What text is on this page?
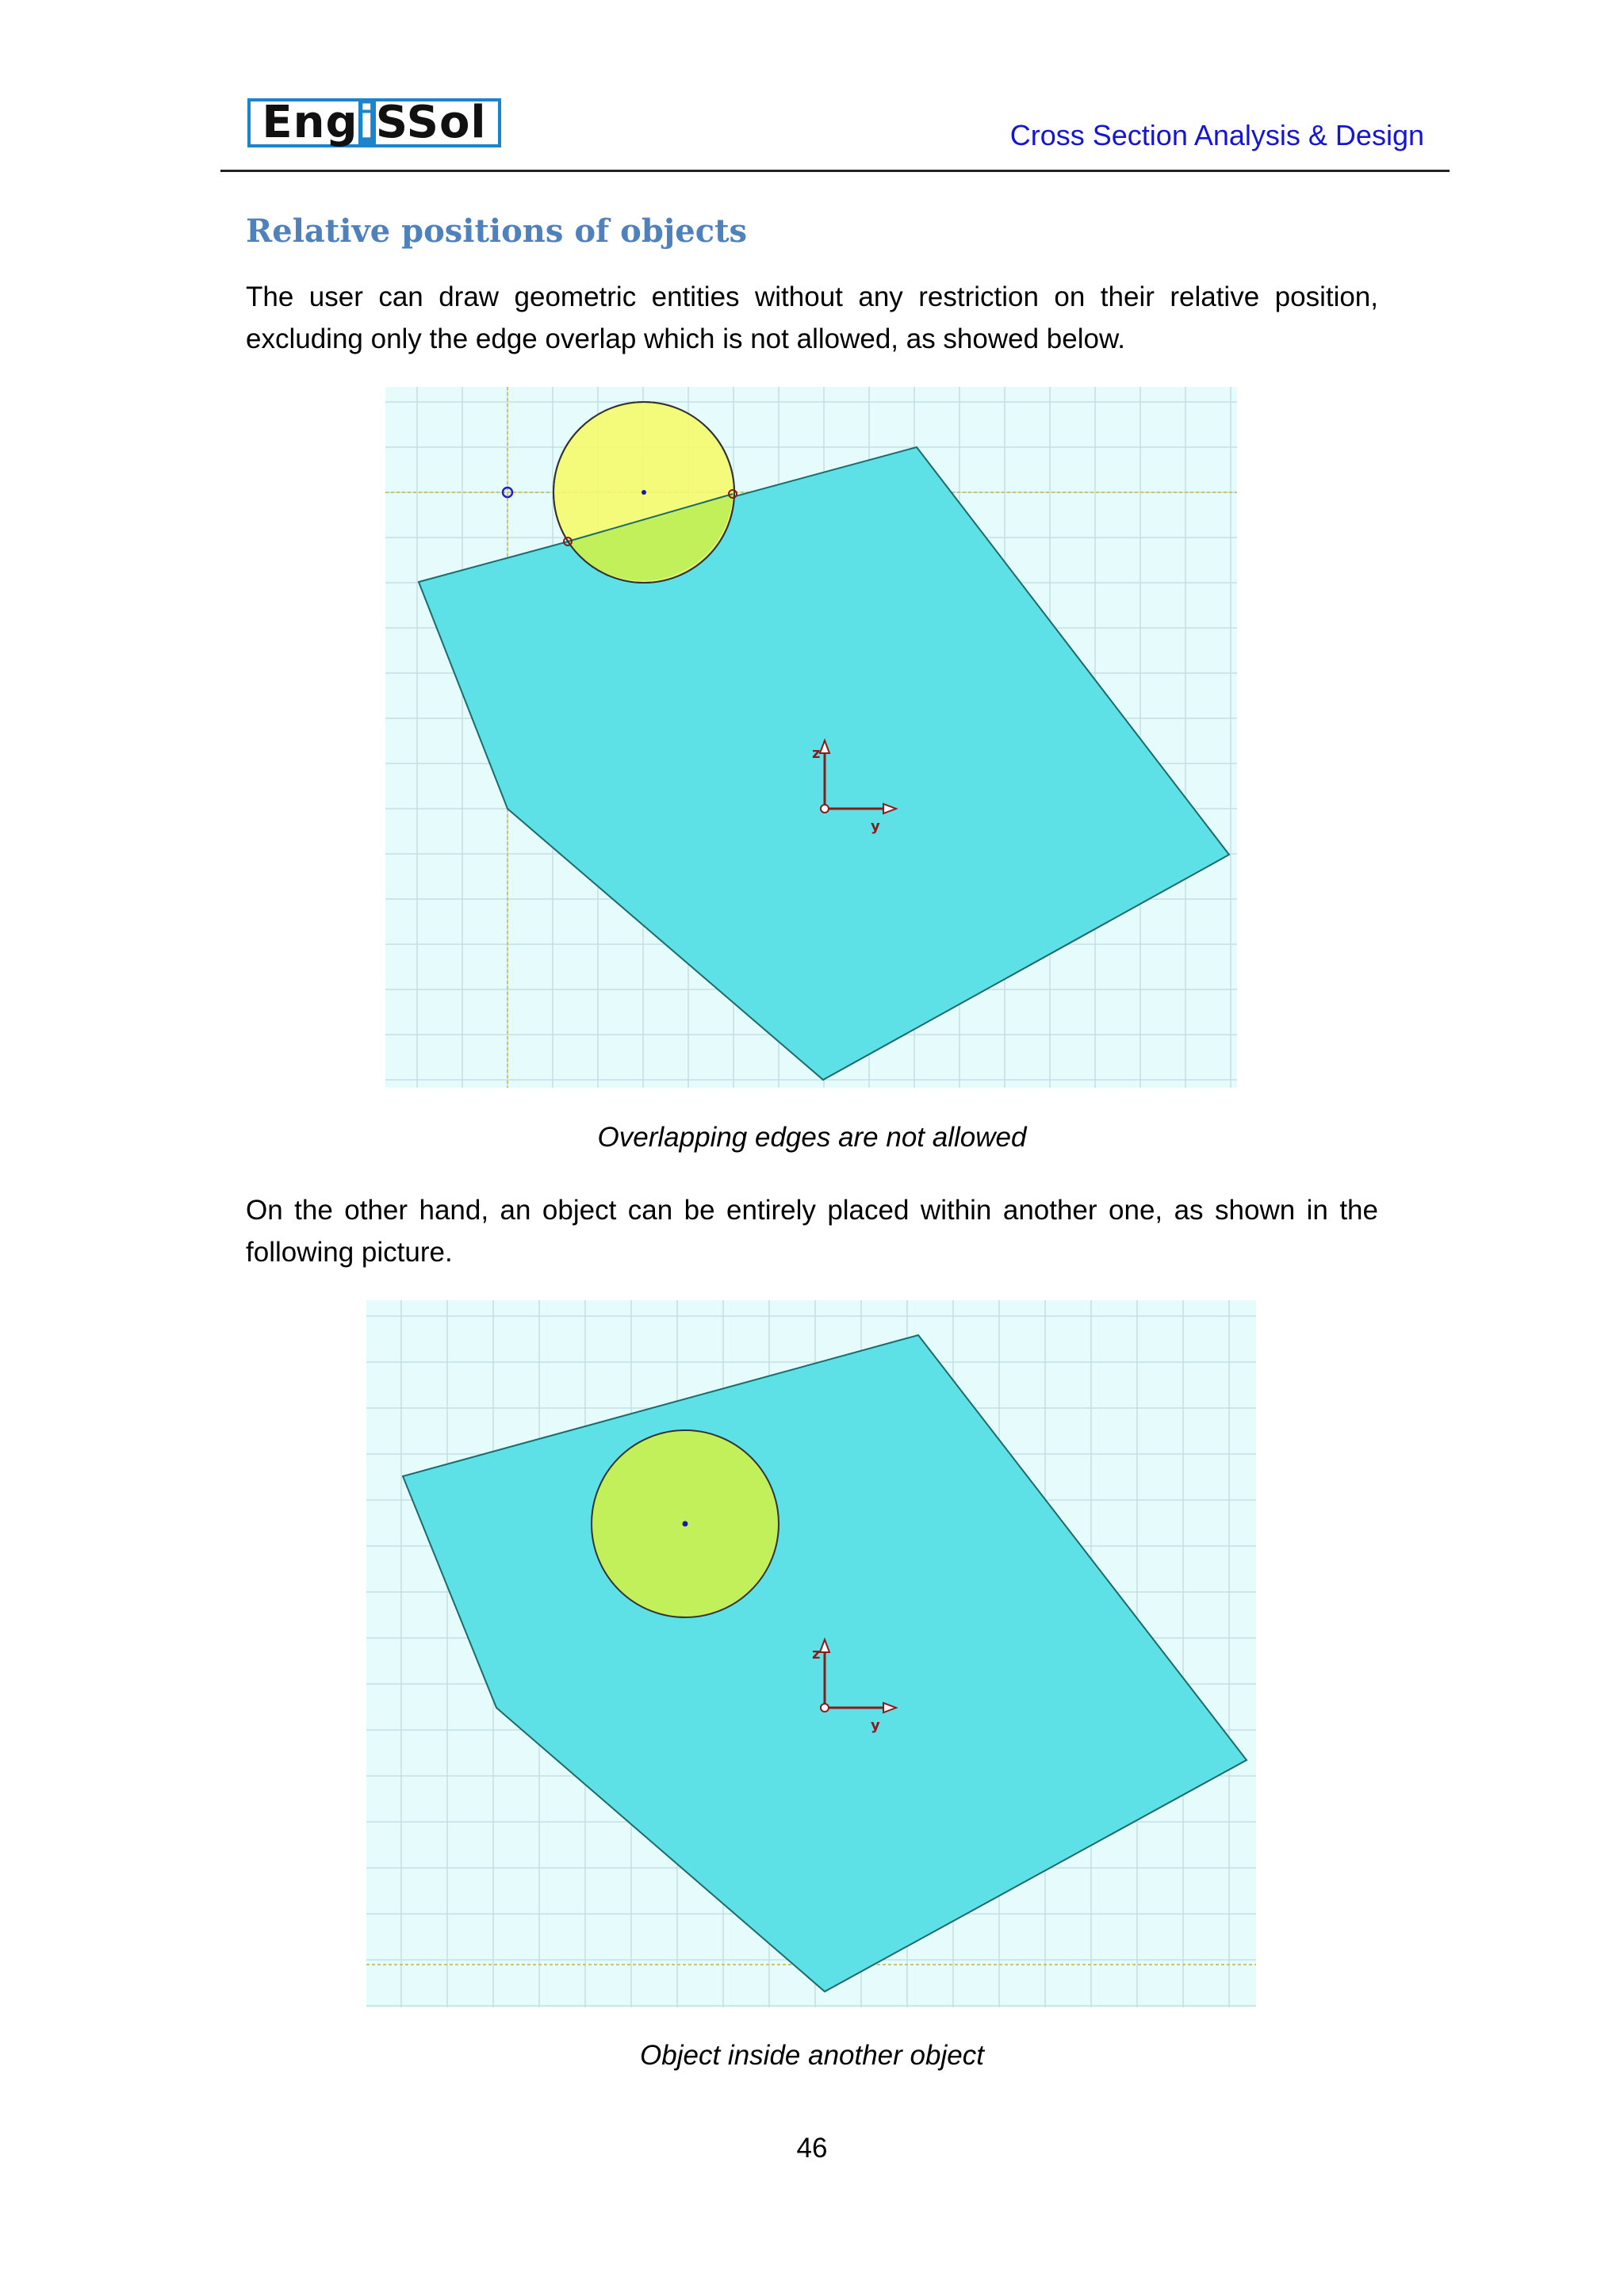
EngiSSol	Cross Section Analysis & Design
Relative positions of objects
The user can draw geometric entities without any restriction on their relative position, excluding only the edge overlap which is not allowed, as showed below.
z
y
Overlapping edges are not allowed
On the other hand, an object can be entirely placed within another one, as shown in the following picture.
z
y
Object inside another object
46
